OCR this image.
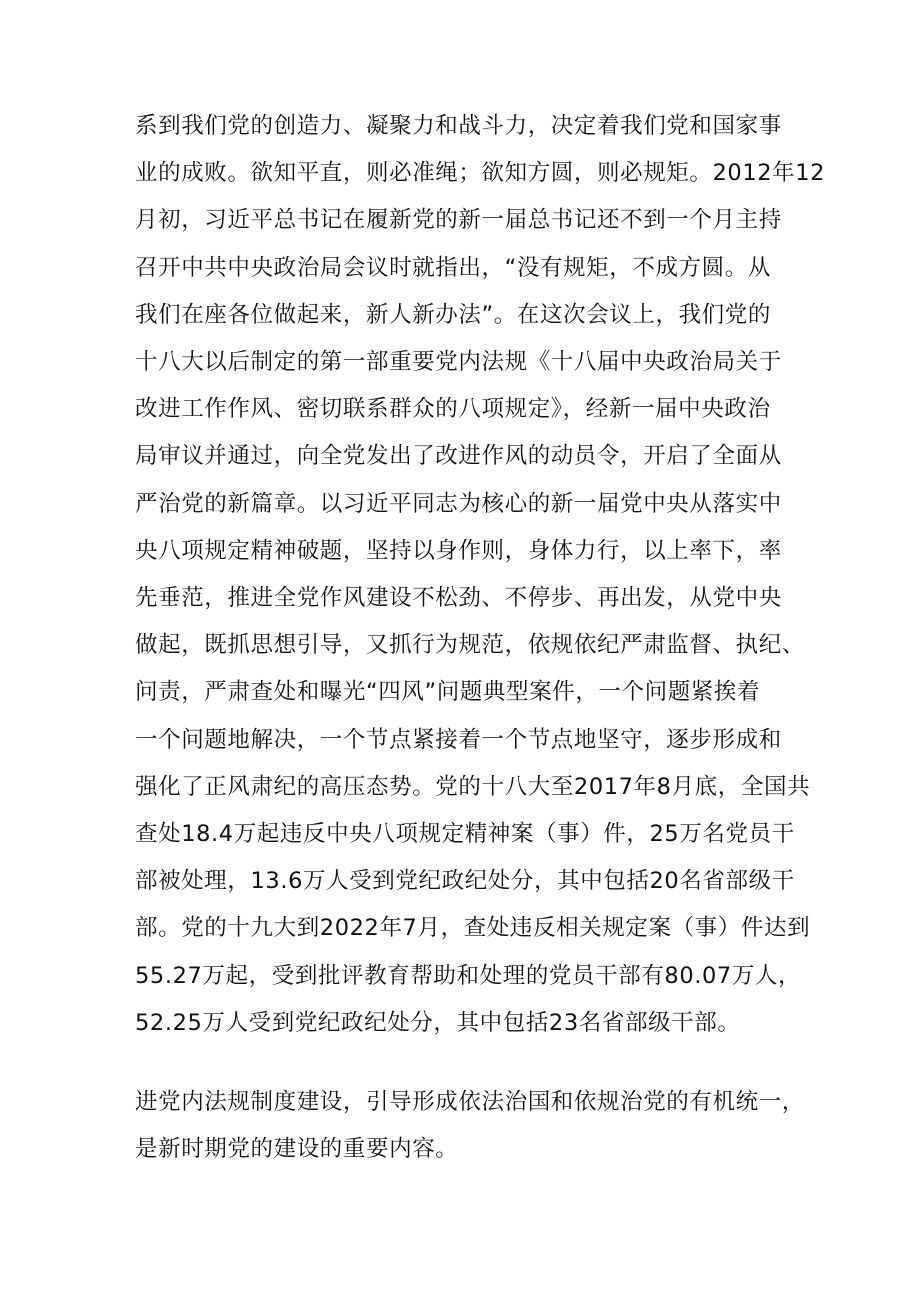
系到我们党的创造力、凝聚力和战斗力，决定着我们党和国家事
业的成败。欲知平直，则必准绳；欲知方圆，则必规矩。2012年12
月初，习近平总书记在履新党的新一届总书记还不到一个月主持
召开中共中央政治局会议时就指出，“没有规矩，不成方圆。从
我们在座各位做起来，新人新办法”。在这次会议上，我们党的
十八大以后制定的第一部重要党内法规《十八届中央政治局关于
改进工作作风、密切联系群众的八项规定》，经新一届中央政治
局审议并通过，向全党发出了改进作风的动员令，开启了全面从
严治党的新篇章。以习近平同志为核心的新一届党中央从落实中
央八项规定精神破题，坚持以身作则，身体力行，以上率下，率
先垂范，推进全党作风建设不松劲、不停步、再出发，从党中央
做起，既抓思想引导，又抓行为规范，依规依纪严肃监督、执纪、
问责，严肃查处和曝光“四风”问题典型案件，一个问题紧挨着
一个问题地解决，一个节点紧接着一个节点地坚守，逐步形成和
强化了正风肃纪的高压态势。党的十八大至2017年8月底，全国共
查处18.4万起违反中央八项规定精神案（事）件，25万名党员干
部被处理，13.6万人受到党纪政纪处分，其中包括20名省部级干
部。党的十九大到2022年7月，查处违反相关规定案（事）件达到
55.27万起，受到批评教育帮助和处理的党员干部有80.07万人，
52.25万人受到党纪政纪处分，其中包括23名省部级干部。
进党内法规制度建设，引导形成依法治国和依规治党的有机统一，
是新时期党的建设的重要内容。
